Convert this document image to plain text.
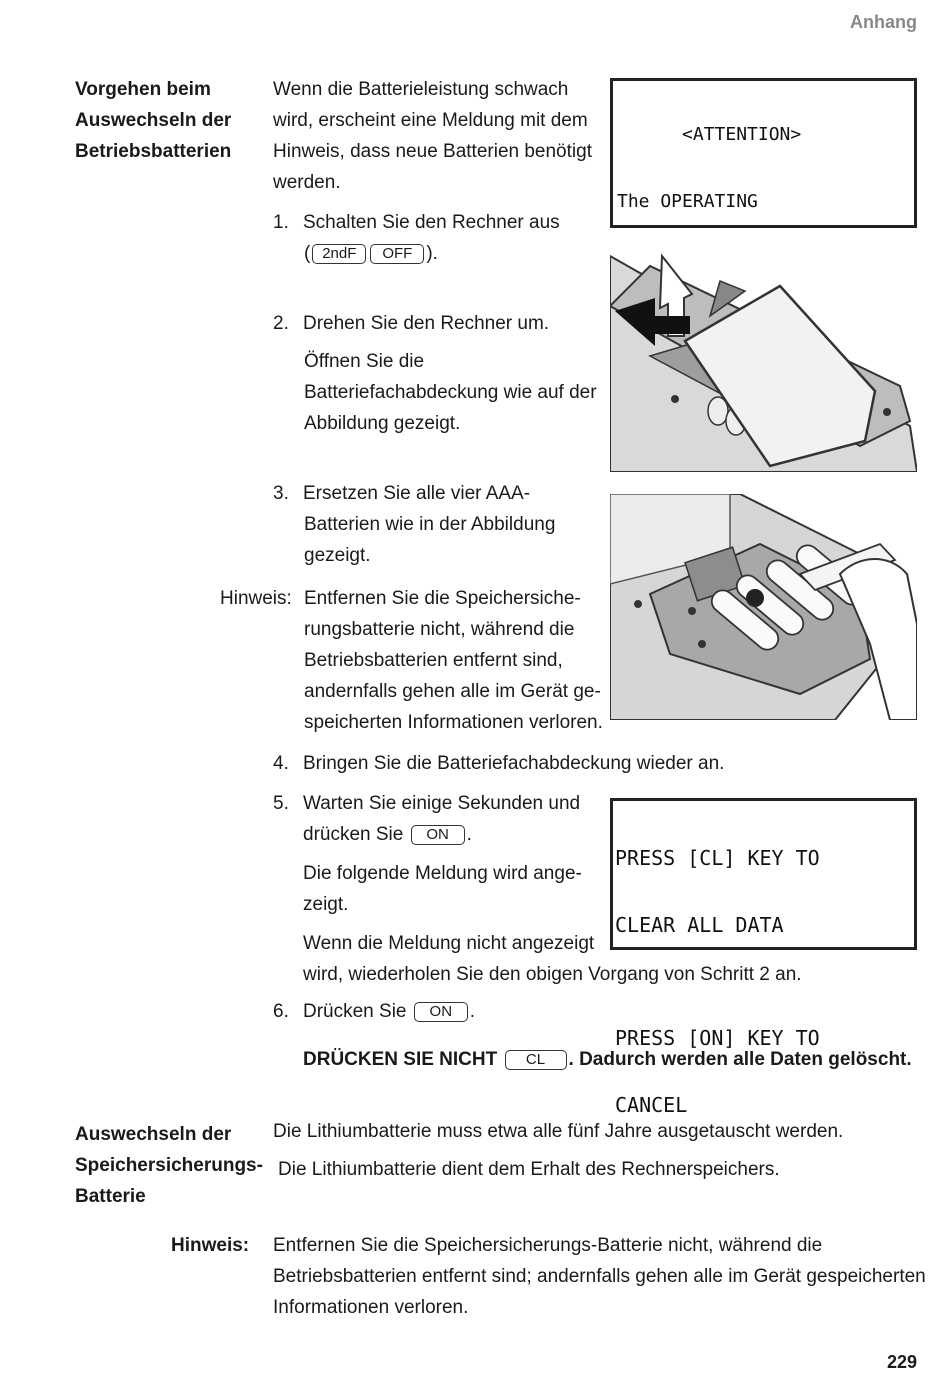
Anhang
Vorgehen beim
Auswechseln der
Betriebsbatterien
Wenn die Batterieleistung schwach
wird, erscheint eine Meldung mit dem
Hinweis, dass neue Batterien benötigt
werden.
1. Schalten Sie den Rechner aus
( 2ndF OFF ).
2. Drehen Sie den Rechner um.
Öffnen Sie die
Batteriefachabdeckung wie auf der
Abbildung gezeigt.
3. Ersetzen Sie alle vier AAA-
Batterien wie in der Abbildung
gezeigt.
Hinweis: Entfernen Sie die Speichersiche-
rungsbatterie nicht, während die
Betriebsbatterien entfernt sind,
andernfalls gehen alle im Gerät ge-
speicherten Informationen verloren.
4. Bringen Sie die Batteriefachabdeckung wieder an.
5. Warten Sie einige Sekunden und
drücken Sie ON .
Die folgende Meldung wird ange-
zeigt.
Wenn die Meldung nicht angezeigt
wird, wiederholen Sie den obigen Vorgang von Schritt 2 an.
6. Drücken Sie ON .
DRÜCKEN SIE NICHT CL . Dadurch werden alle Daten gelöscht.

<ATTENTION>

The OPERATING

PRESS [CL] KEY TO

CLEAR ALL DATA

PRESS [ON] KEY TO

CANCEL

Auswechseln der
Speichersicherungs-
Batterie
Die Lithiumbatterie muss etwa alle fünf Jahre ausgetauscht werden.
Die Lithiumbatterie dient dem Erhalt des Rechnerspeichers.
Hinweis: Entfernen Sie die Speichersicherungs-Batterie nicht, während die
Betriebsbatterien entfernt sind; andernfalls gehen alle im Gerät gespeicherten
Informationen verloren.
229
